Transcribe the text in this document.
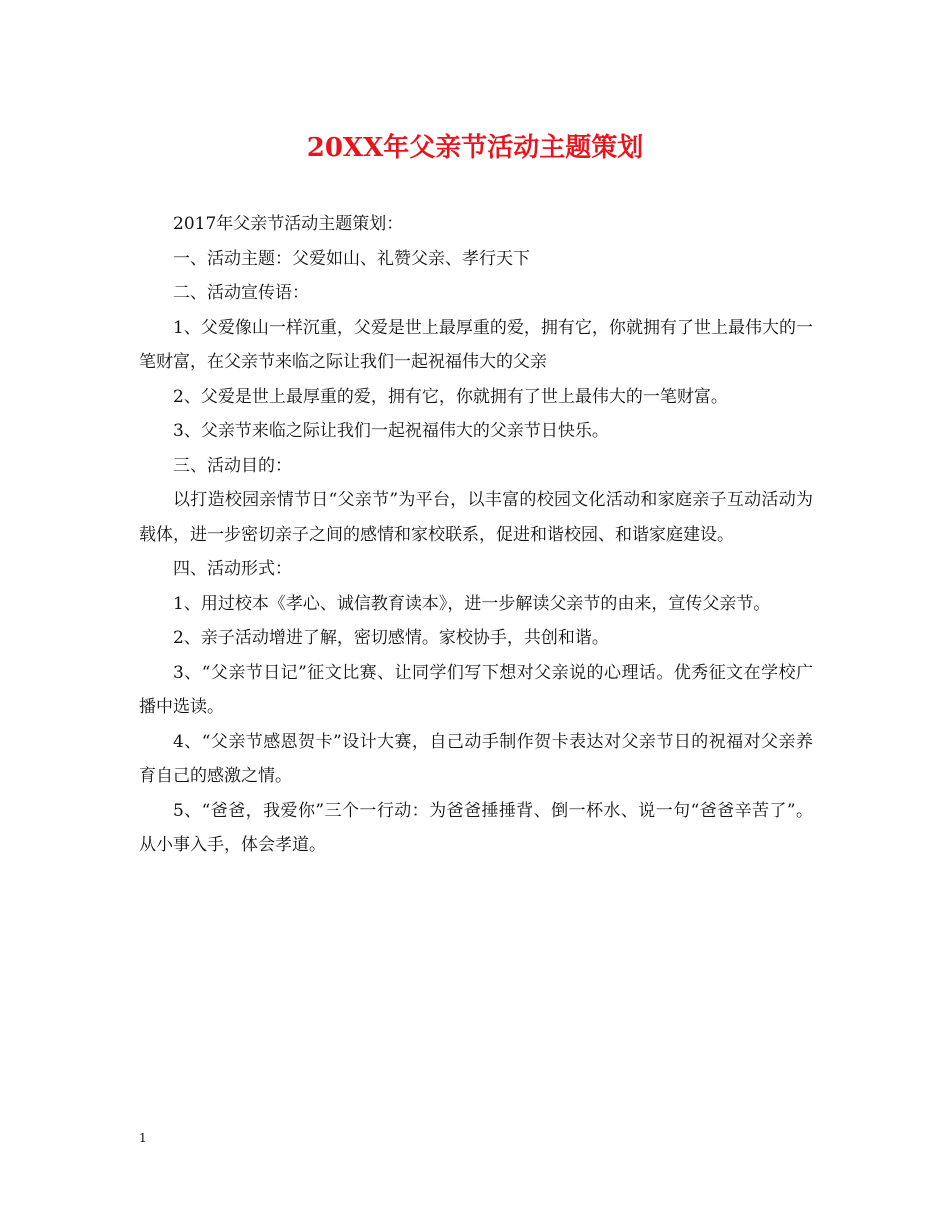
20XX年父亲节活动主题策划

2017年父亲节活动主题策划：

一、活动主题：父爱如山、礼赞父亲、孝行天下

二、活动宣传语：

1、父爱像山一样沉重，父爱是世上最厚重的爱，拥有它，你就拥有了世上最伟大的一笔财富，在父亲节来临之际让我们一起祝福伟大的父亲

2、父爱是世上最厚重的爱，拥有它，你就拥有了世上最伟大的一笔财富。

3、父亲节来临之际让我们一起祝福伟大的父亲节日快乐。

三、活动目的：

以打造校园亲情节日“父亲节”为平台，以丰富的校园文化活动和家庭亲子互动活动为载体，进一步密切亲子之间的感情和家校联系，促进和谐校园、和谐家庭建设。

四、活动形式：

1、用过校本《孝心、诚信教育读本》，进一步解读父亲节的由来，宣传父亲节。

2、亲子活动增进了解，密切感情。家校协手，共创和谐。

3、“父亲节日记”征文比赛、让同学们写下想对父亲说的心理话。优秀征文在学校广播中选读。

4、“父亲节感恩贺卡”设计大赛，自己动手制作贺卡表达对父亲节日的祝福对父亲养育自己的感激之情。

5、“爸爸，我爱你”三个一行动：为爸爸捶捶背、倒一杯水、说一句“爸爸辛苦了”。从小事入手，体会孝道。

1
